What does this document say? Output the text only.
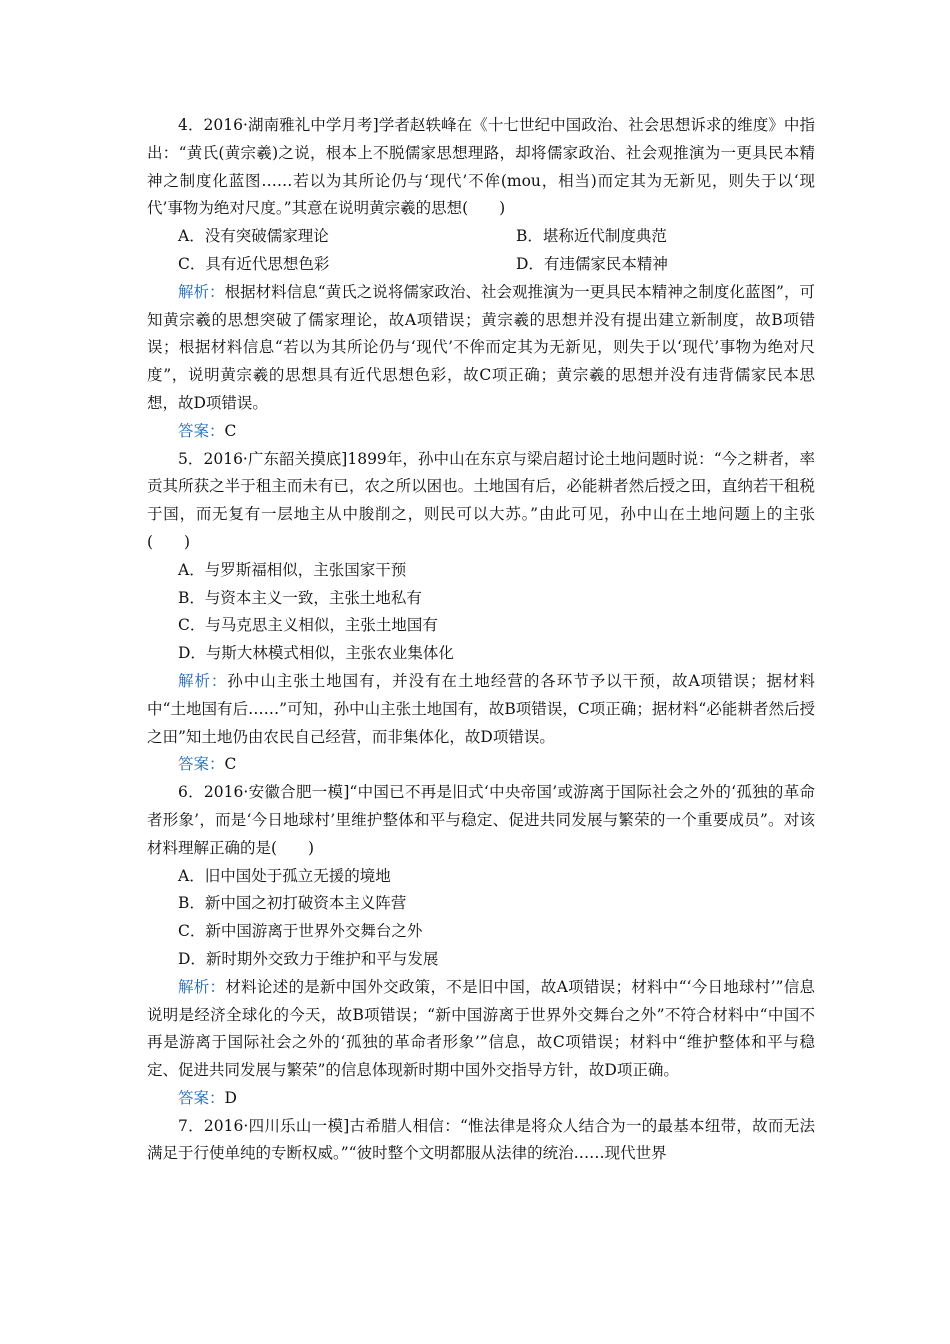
4．2016·湖南雅礼中学月考]学者赵轶峰在《十七世纪中国政治、社会思想诉求的维度》中指出：“黄氏(黄宗羲)之说，根本上不脱儒家思想理路，却将儒家政治、社会观推演为一更具民本精神之制度化蓝图……若以为其所论仍与‘现代’不侔(mou，相当)而定其为无新见，则失于以‘现代’事物为绝对尺度。”其意在说明黄宗羲的思想(　　)

A．没有突破儒家理论	B．堪称近代制度典范
C．具有近代思想色彩	D．有违儒家民本精神

解析：根据材料信息“黄氏之说将儒家政治、社会观推演为一更具民本精神之制度化蓝图”，可知黄宗羲的思想突破了儒家理论，故A项错误；黄宗羲的思想并没有提出建立新制度，故B项错误；根据材料信息“若以为其所论仍与‘现代’不侔而定其为无新见，则失于以‘现代’事物为绝对尺度”，说明黄宗羲的思想具有近代思想色彩，故C项正确；黄宗羲的思想并没有违背儒家民本思想，故D项错误。

答案：C

5．2016·广东韶关摸底]1899年，孙中山在东京与梁启超讨论土地问题时说：“今之耕者，率贡其所获之半于租主而未有已，农之所以困也。土地国有后，必能耕者然后授之田，直纳若干租税于国，而无复有一层地主从中朘削之，则民可以大苏。”由此可见，孙中山在土地问题上的主张(　　)

A．与罗斯福相似，主张国家干预

B．与资本主义一致，主张土地私有

C．与马克思主义相似，主张土地国有

D．与斯大林模式相似，主张农业集体化

解析：孙中山主张土地国有，并没有在土地经营的各环节予以干预，故A项错误；据材料中“土地国有后……”可知，孙中山主张土地国有，故B项错误，C项正确；据材料“必能耕者然后授之田”知土地仍由农民自己经营，而非集体化，故D项错误。

答案：C

6．2016·安徽合肥一模]“中国已不再是旧式‘中央帝国’或游离于国际社会之外的‘孤独的革命者形象’，而是‘今日地球村’里维护整体和平与稳定、促进共同发展与繁荣的一个重要成员”。对该材料理解正确的是(　　)

A．旧中国处于孤立无援的境地

B．新中国之初打破资本主义阵营

C．新中国游离于世界外交舞台之外

D．新时期外交致力于维护和平与发展

解析：材料论述的是新中国外交政策，不是旧中国，故A项错误；材料中“‘今日地球村’”信息说明是经济全球化的今天，故B项错误；“新中国游离于世界外交舞台之外”不符合材料中“中国不再是游离于国际社会之外的‘孤独的革命者形象’”信息，故C项错误；材料中“维护整体和平与稳定、促进共同发展与繁荣”的信息体现新时期中国外交指导方针，故D项正确。

答案：D

7．2016·四川乐山一模]古希腊人相信：“惟法律是将众人结合为一的最基本纽带，故而无法满足于行使单纯的专断权威。”“彼时整个文明都服从法律的统治……现代世界
